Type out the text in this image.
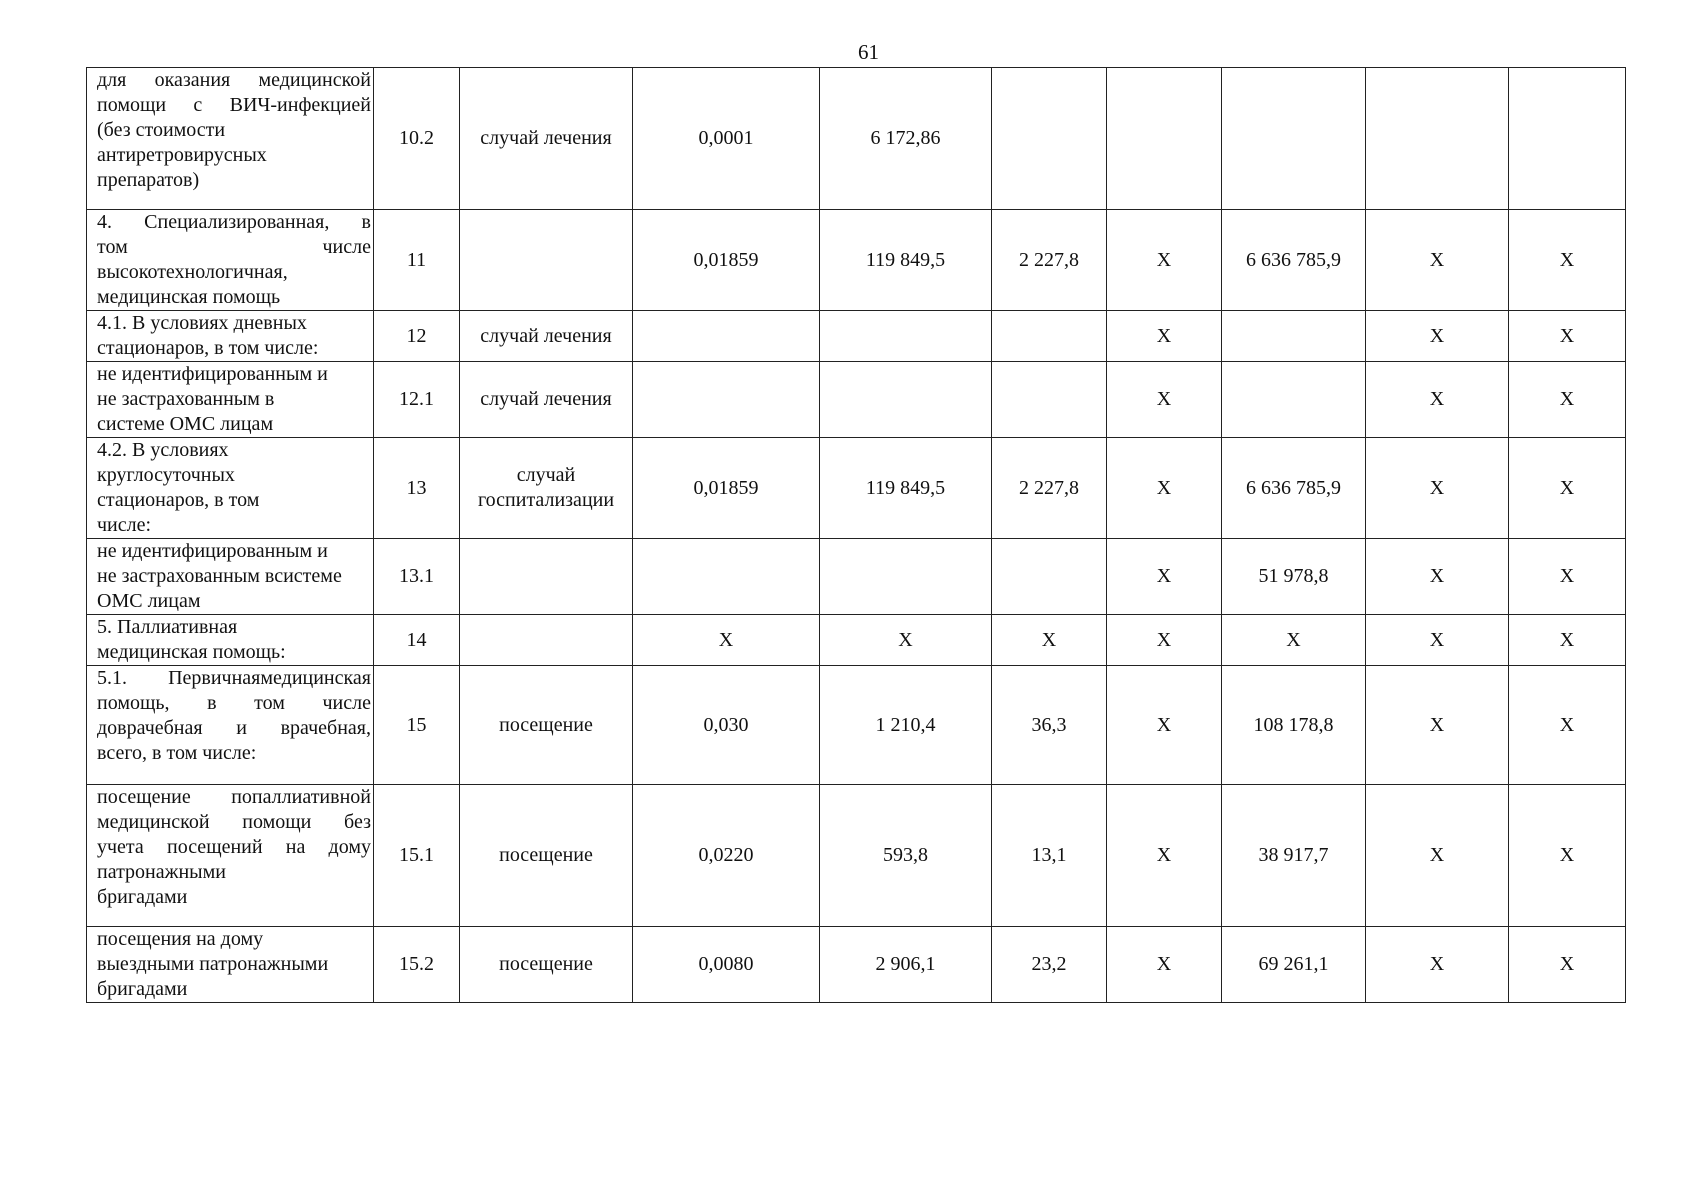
61
для оказания медицинской
помощи с ВИЧ-инфекцией
(без стоимости
антиретровирусных
препаратов)	10.2	случай лечения	0,0001	6 172,86					

4. Специализированная, в
том числе
высокотехнологичная,
медицинская помощь	11		0,01859	119 849,5	2 227,8	Х	6 636 785,9	Х	Х

4.1. В условиях дневных
стационаров, в том числе:	12	случай лечения				Х		Х	Х

не идентифицированным и
не застрахованным в
системе ОМС лицам	12.1	случай лечения				Х		Х	Х

4.2. В условиях
круглосуточных
стационаров, в том
числе:	13	случай госпитализации	0,01859	119 849,5	2 227,8	Х	6 636 785,9	Х	Х

не идентифицированным и
не застрахованным всистеме
ОМС лицам	13.1					Х	51 978,8	Х	Х

5. Паллиативная
медицинская помощь:	14		Х	Х	Х	Х	Х	Х	Х

5.1. Первичнаямедицинская
помощь, в том числе
доврачебная и врачебная,
всего, в том числе:	15	посещение	0,030	1 210,4	36,3	Х	108 178,8	Х	Х

посещение попаллиативной
медицинской помощи без
учета посещений на дому
патронажными
бригадами	15.1	посещение	0,0220	593,8	13,1	Х	38 917,7	Х	Х

посещения на дому
выездными патронажными
бригадами	15.2	посещение	0,0080	2 906,1	23,2	Х	69 261,1	Х	Х
